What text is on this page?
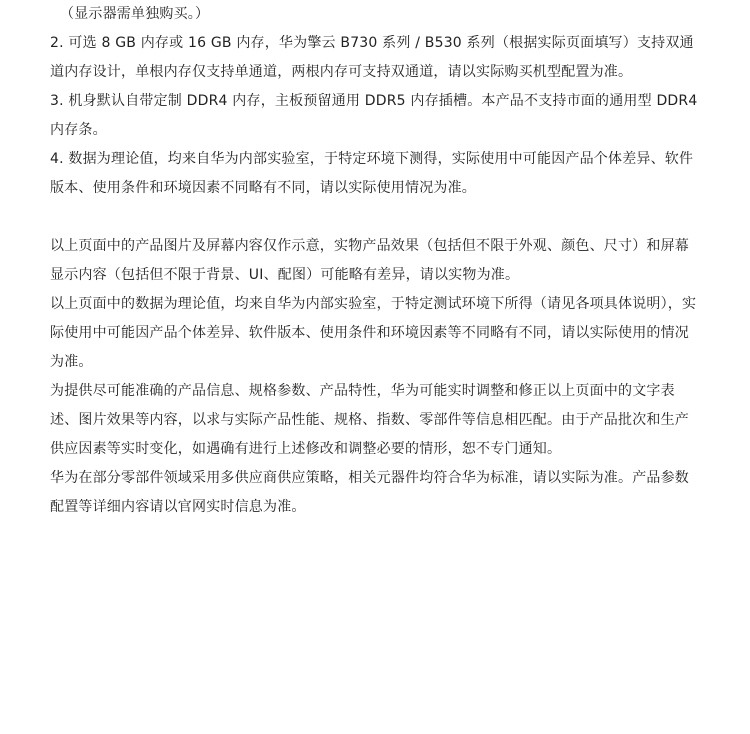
（显示器需单独购买。）

2. 可选 8 GB 内存或 16 GB 内存，华为擎云 B730 系列 / B530 系列（根据实际页面填写）支持双通道内存设计，单根内存仅支持单通道，两根内存可支持双通道，请以实际购买机型配置为准。

3. 机身默认自带定制 DDR4 内存，主板预留通用 DDR5 内存插槽。本产品不支持市面的通用型 DDR4 内存条。

4. 数据为理论值，均来自华为内部实验室，于特定环境下测得，实际使用中可能因产品个体差异、软件版本、使用条件和环境因素不同略有不同，请以实际使用情况为准。

以上页面中的产品图片及屏幕内容仅作示意，实物产品效果（包括但不限于外观、颜色、尺寸）和屏幕显示内容（包括但不限于背景、UI、配图）可能略有差异，请以实物为准。

以上页面中的数据为理论值，均来自华为内部实验室，于特定测试环境下所得（请见各项具体说明），实际使用中可能因产品个体差异、软件版本、使用条件和环境因素等不同略有不同，请以实际使用的情况为准。

为提供尽可能准确的产品信息、规格参数、产品特性，华为可能实时调整和修正以上页面中的文字表述、图片效果等内容，以求与实际产品性能、规格、指数、零部件等信息相匹配。由于产品批次和生产供应因素等实时变化，如遇确有进行上述修改和调整必要的情形，恕不专门通知。

华为在部分零部件领域采用多供应商供应策略，相关元器件均符合华为标准，请以实际为准。产品参数配置等详细内容请以官网实时信息为准。
